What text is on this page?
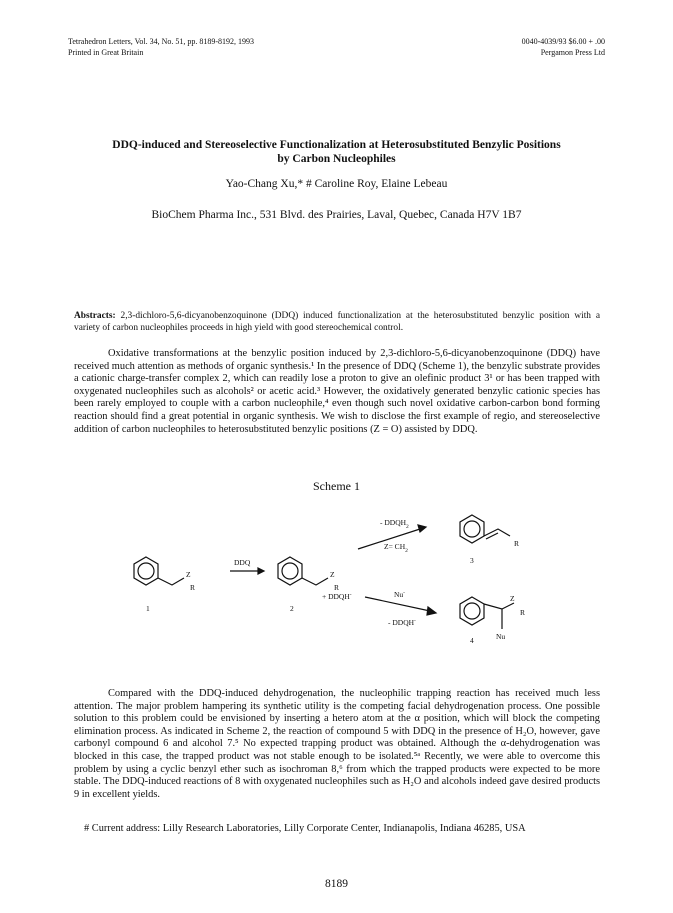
Tetrahedron Letters, Vol. 34, No. 51, pp. 8189-8192, 1993
Printed in Great Britain
0040-4039/93 $6.00 + .00
Pergamon Press Ltd
DDQ-induced and Stereoselective Functionalization at Heterosubstituted Benzylic Positions
by Carbon Nucleophiles
Yao-Chang Xu,* # Caroline Roy, Elaine Lebeau
BioChem Pharma Inc., 531 Blvd. des Prairies, Laval, Quebec, Canada H7V 1B7
Abstracts: 2,3-dichloro-5,6-dicyanobenzoquinone (DDQ) induced functionalization at the heterosubstituted benzylic position with a variety of carbon nucleophiles proceeds in high yield with good stereochemical control.

Oxidative transformations at the benzylic position induced by 2,3-dichloro-5,6-dicyanobenzoquinone (DDQ) have received much attention as methods of organic synthesis.¹ In the presence of DDQ (Scheme 1), the benzylic substrate provides a cationic charge-transfer complex 2, which can readily lose a proton to give an olefinic product 3¹ or has been trapped with oxygenated nucleophiles such as alcohols² or acetic acid.³ However, the oxidatively generated benzylic cationic species has been rarely employed to couple with a carbon nucleophile,⁴ even though such novel oxidative carbon-carbon bond forming reaction should find a great potential in organic synthesis. We wish to disclose the first example of regio, and stereoselective addition of carbon nucleophiles to heterosubstituted benzylic positions (Z = O) assisted by DDQ.

Scheme 1
Z
R
1
DDQ
Z
R
+ DDQH-
2
- $DDQH_2$
$Z= CH_2$
R
3
Nu-
- DDQH-
Z
R
Nu
4

Compared with the DDQ-induced dehydrogenation, the nucleophilic trapping reaction has received much less attention. The major problem hampering its synthetic utility is the competing facial dehydrogenation process. One possible solution to this problem could be envisioned by inserting a hetero atom at the α position, which will block the competing elimination process. As indicated in Scheme 2, the reaction of compound 5 with DDQ in the presence of H₂O, however, gave carbonyl compound 6 and alcohol 7.⁵ No expected trapping product was obtained. Although the α-dehydrogenation was blocked in this case, the trapped product was not stable enough to be isolated.⁵ᵃ Recently, we were able to overcome this problem by using a cyclic benzyl ether such as isochroman 8,⁶ from which the trapped products were expected to be more stable. The DDQ-induced reactions of 8 with oxygenated nucleophiles such as H₂O and alcohols indeed gave desired products 9 in excellent yields.

# Current address: Lilly Research Laboratories, Lilly Corporate Center, Indianapolis, Indiana 46285, USA
8189
